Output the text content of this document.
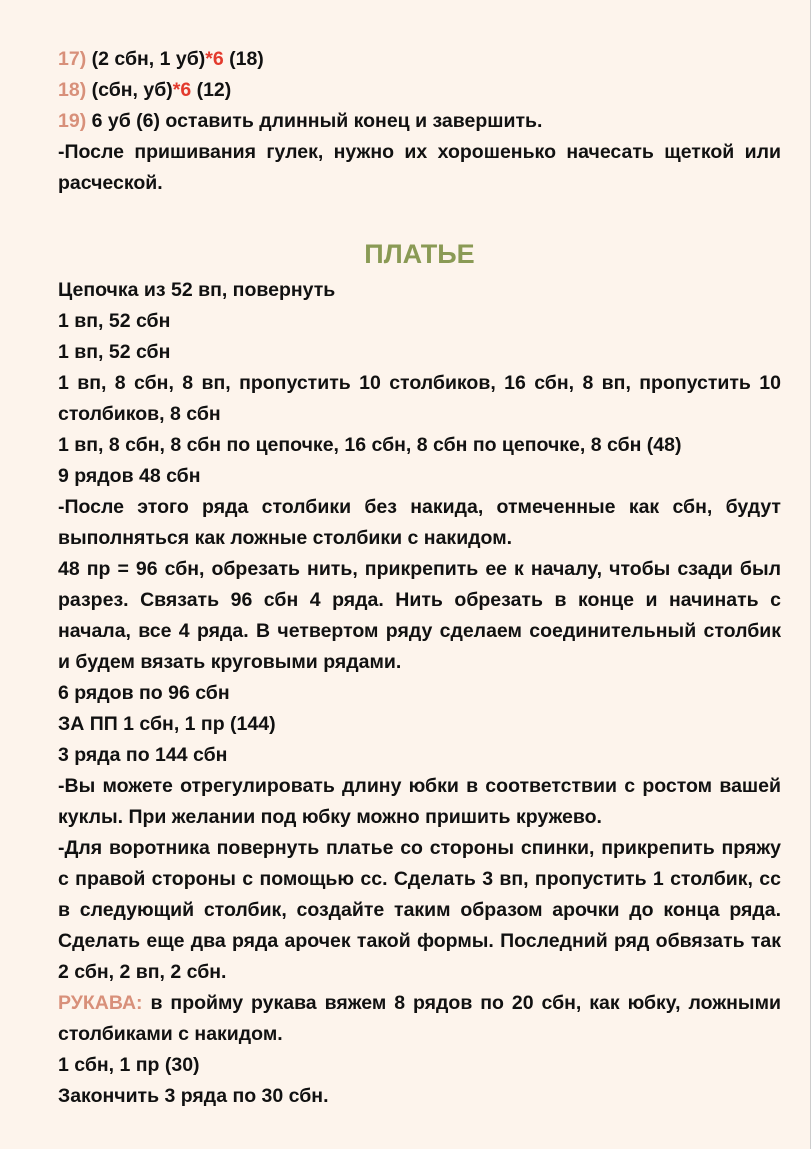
17) (2 сбн, 1 уб)*6 (18)
18) (сбн, уб)*6 (12)
19) 6 уб (6) оставить длинный конец и завершить.
-После пришивания гулек, нужно их хорошенько начесать щеткой или расческой.
ПЛАТЬЕ
Цепочка из 52 вп, повернуть
1 вп, 52 сбн
1 вп, 52 сбн
1 вп, 8 сбн, 8 вп, пропустить 10 столбиков, 16 сбн, 8 вп, пропустить 10 столбиков, 8 сбн
1 вп, 8 сбн, 8 сбн по цепочке, 16 сбн, 8 сбн по цепочке, 8 сбн (48)
9 рядов 48 сбн
-После этого ряда столбики без накида, отмеченные как сбн, будут выполняться как ложные столбики с накидом.
48 пр = 96 сбн, обрезать нить, прикрепить ее к началу, чтобы сзади был разрез. Связать 96 сбн 4 ряда. Нить обрезать в конце и начинать с начала, все 4 ряда. В четвертом ряду сделаем соединительный столбик и будем вязать круговыми рядами.
6 рядов по 96 сбн
ЗА ПП 1 сбн, 1 пр (144)
3 ряда по 144 сбн
-Вы можете отрегулировать длину юбки в соответствии с ростом вашей куклы. При желании под юбку можно пришить кружево.
-Для воротника повернуть платье со стороны спинки, прикрепить пряжу с правой стороны с помощью сс. Сделать 3 вп, пропустить 1 столбик, сс в следующий столбик, создайте таким образом арочки до конца ряда. Сделать еще два ряда арочек такой формы. Последний ряд обвязать так 2 сбн, 2 вп, 2 сбн.
РУКАВА: в пройму рукава вяжем 8 рядов по 20 сбн, как юбку, ложными столбиками с накидом.
1 сбн, 1 пр (30)
Закончить 3 ряда по 30 сбн.
